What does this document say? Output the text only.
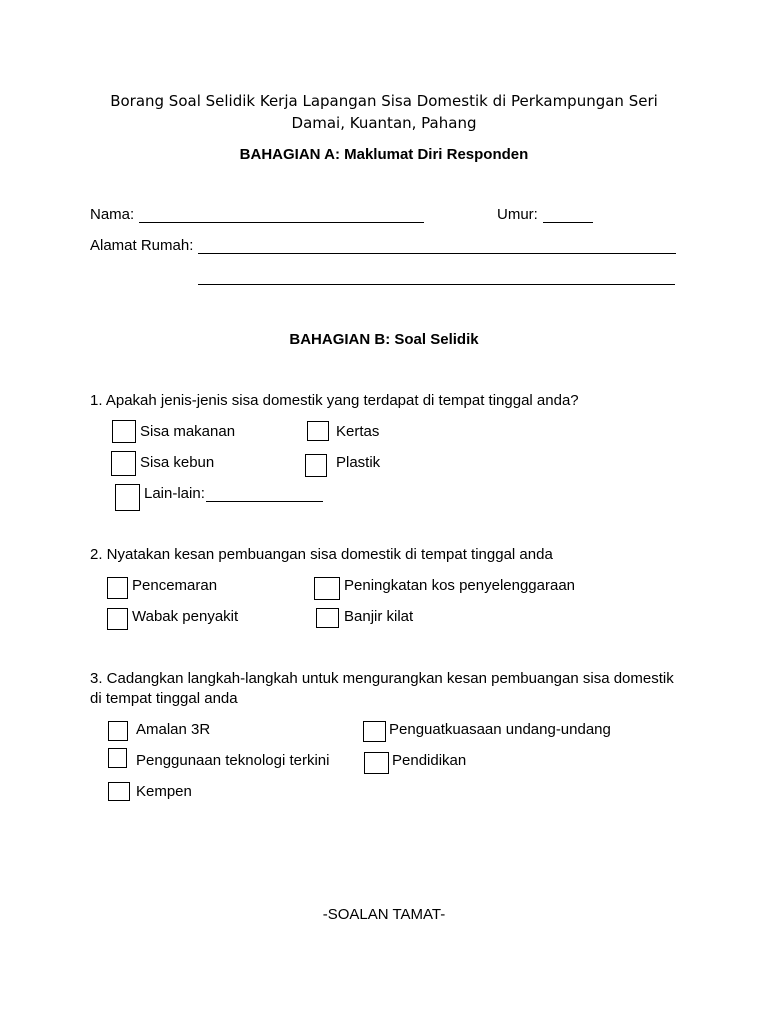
Borang Soal Selidik Kerja Lapangan Sisa Domestik di Perkampungan Seri
Damai, Kuantan, Pahang
BAHAGIAN A: Maklumat Diri Responden
Nama:	Umur:
Alamat Rumah:
BAHAGIAN B: Soal Selidik
1. Apakah jenis-jenis sisa domestik yang terdapat di tempat tinggal anda?
Sisa makanan	Kertas
Sisa kebun	Plastik
Lain-lain:
2. Nyatakan kesan pembuangan sisa domestik di tempat tinggal anda
Pencemaran	Peningkatan kos penyelenggaraan
Wabak penyakit	Banjir kilat
3. Cadangkan langkah-langkah untuk mengurangkan kesan pembuangan sisa domestik
di tempat tinggal anda
Amalan 3R	Penguatkuasaan undang-undang
Penggunaan teknologi terkini	Pendidikan
Kempen
-SOALAN TAMAT-
